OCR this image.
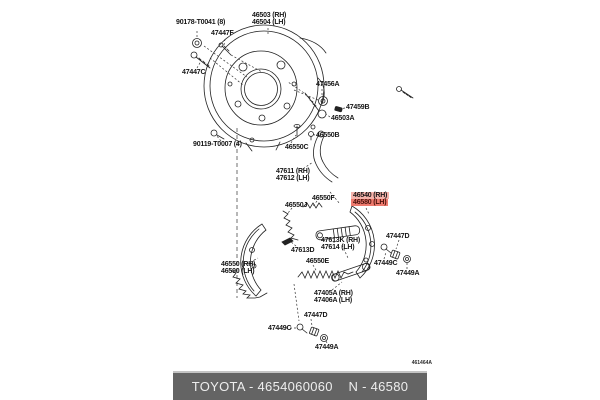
90178-T0041 (8)
47447F
46503 (RH)
46504 (LH)
47447C
47456A
47459B
46503A
46550B
90119-T0007 (4)	46550C
47611 (RH)
47612 (LH)
46550F
46550J
46540 (RH)
46580 (LH)
46550 (RH)
46590 (LH)
47613D
47613K (RH)
47614 (LH)
46550E
47405A (RH)
47406A (LH)
47447D
47449C
47449A
47447D
47449C
47449A
461464A
TOYOTA - 4654060060    N - 46580
